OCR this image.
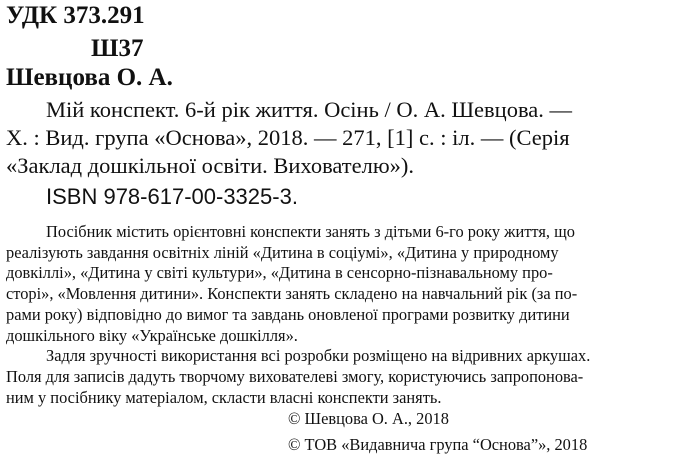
УДК 373.291
Ш37
Шевцова О. А.
Мій конспект. 6-й рік життя. Осінь / О. А. Шевцова. —
Х. : Вид. група «Основа», 2018. — 271, [1] с. : іл. — (Серія
«Заклад дошкільної освіти. Вихователю»).
ISBN 978-617-00-3325-3.
Посібник містить орієнтовні конспекти занять з дітьми 6-го року життя, що
реалізують завдання освітніх ліній «Дитина в соціумі», «Дитина у природному
довкіллі», «Дитина у світі культури», «Дитина в сенсорно-пізнавальному про-
сторі», «Мовлення дитини». Конспекти занять складено на навчальний рік (за по-
рами року) відповідно до вимог та завдань оновленої програми розвитку дитини
дошкільного віку «Українське дошкілля».
Задля зручності використання всі розробки розміщено на відривних аркушах.
Поля для записів дадуть творчому вихователеві змогу, користуючись запропонова-
ним у посібнику матеріалом, скласти власні конспекти занять.
© Шевцова О. А., 2018
© ТОВ «Видавнича група “Основа”», 2018
